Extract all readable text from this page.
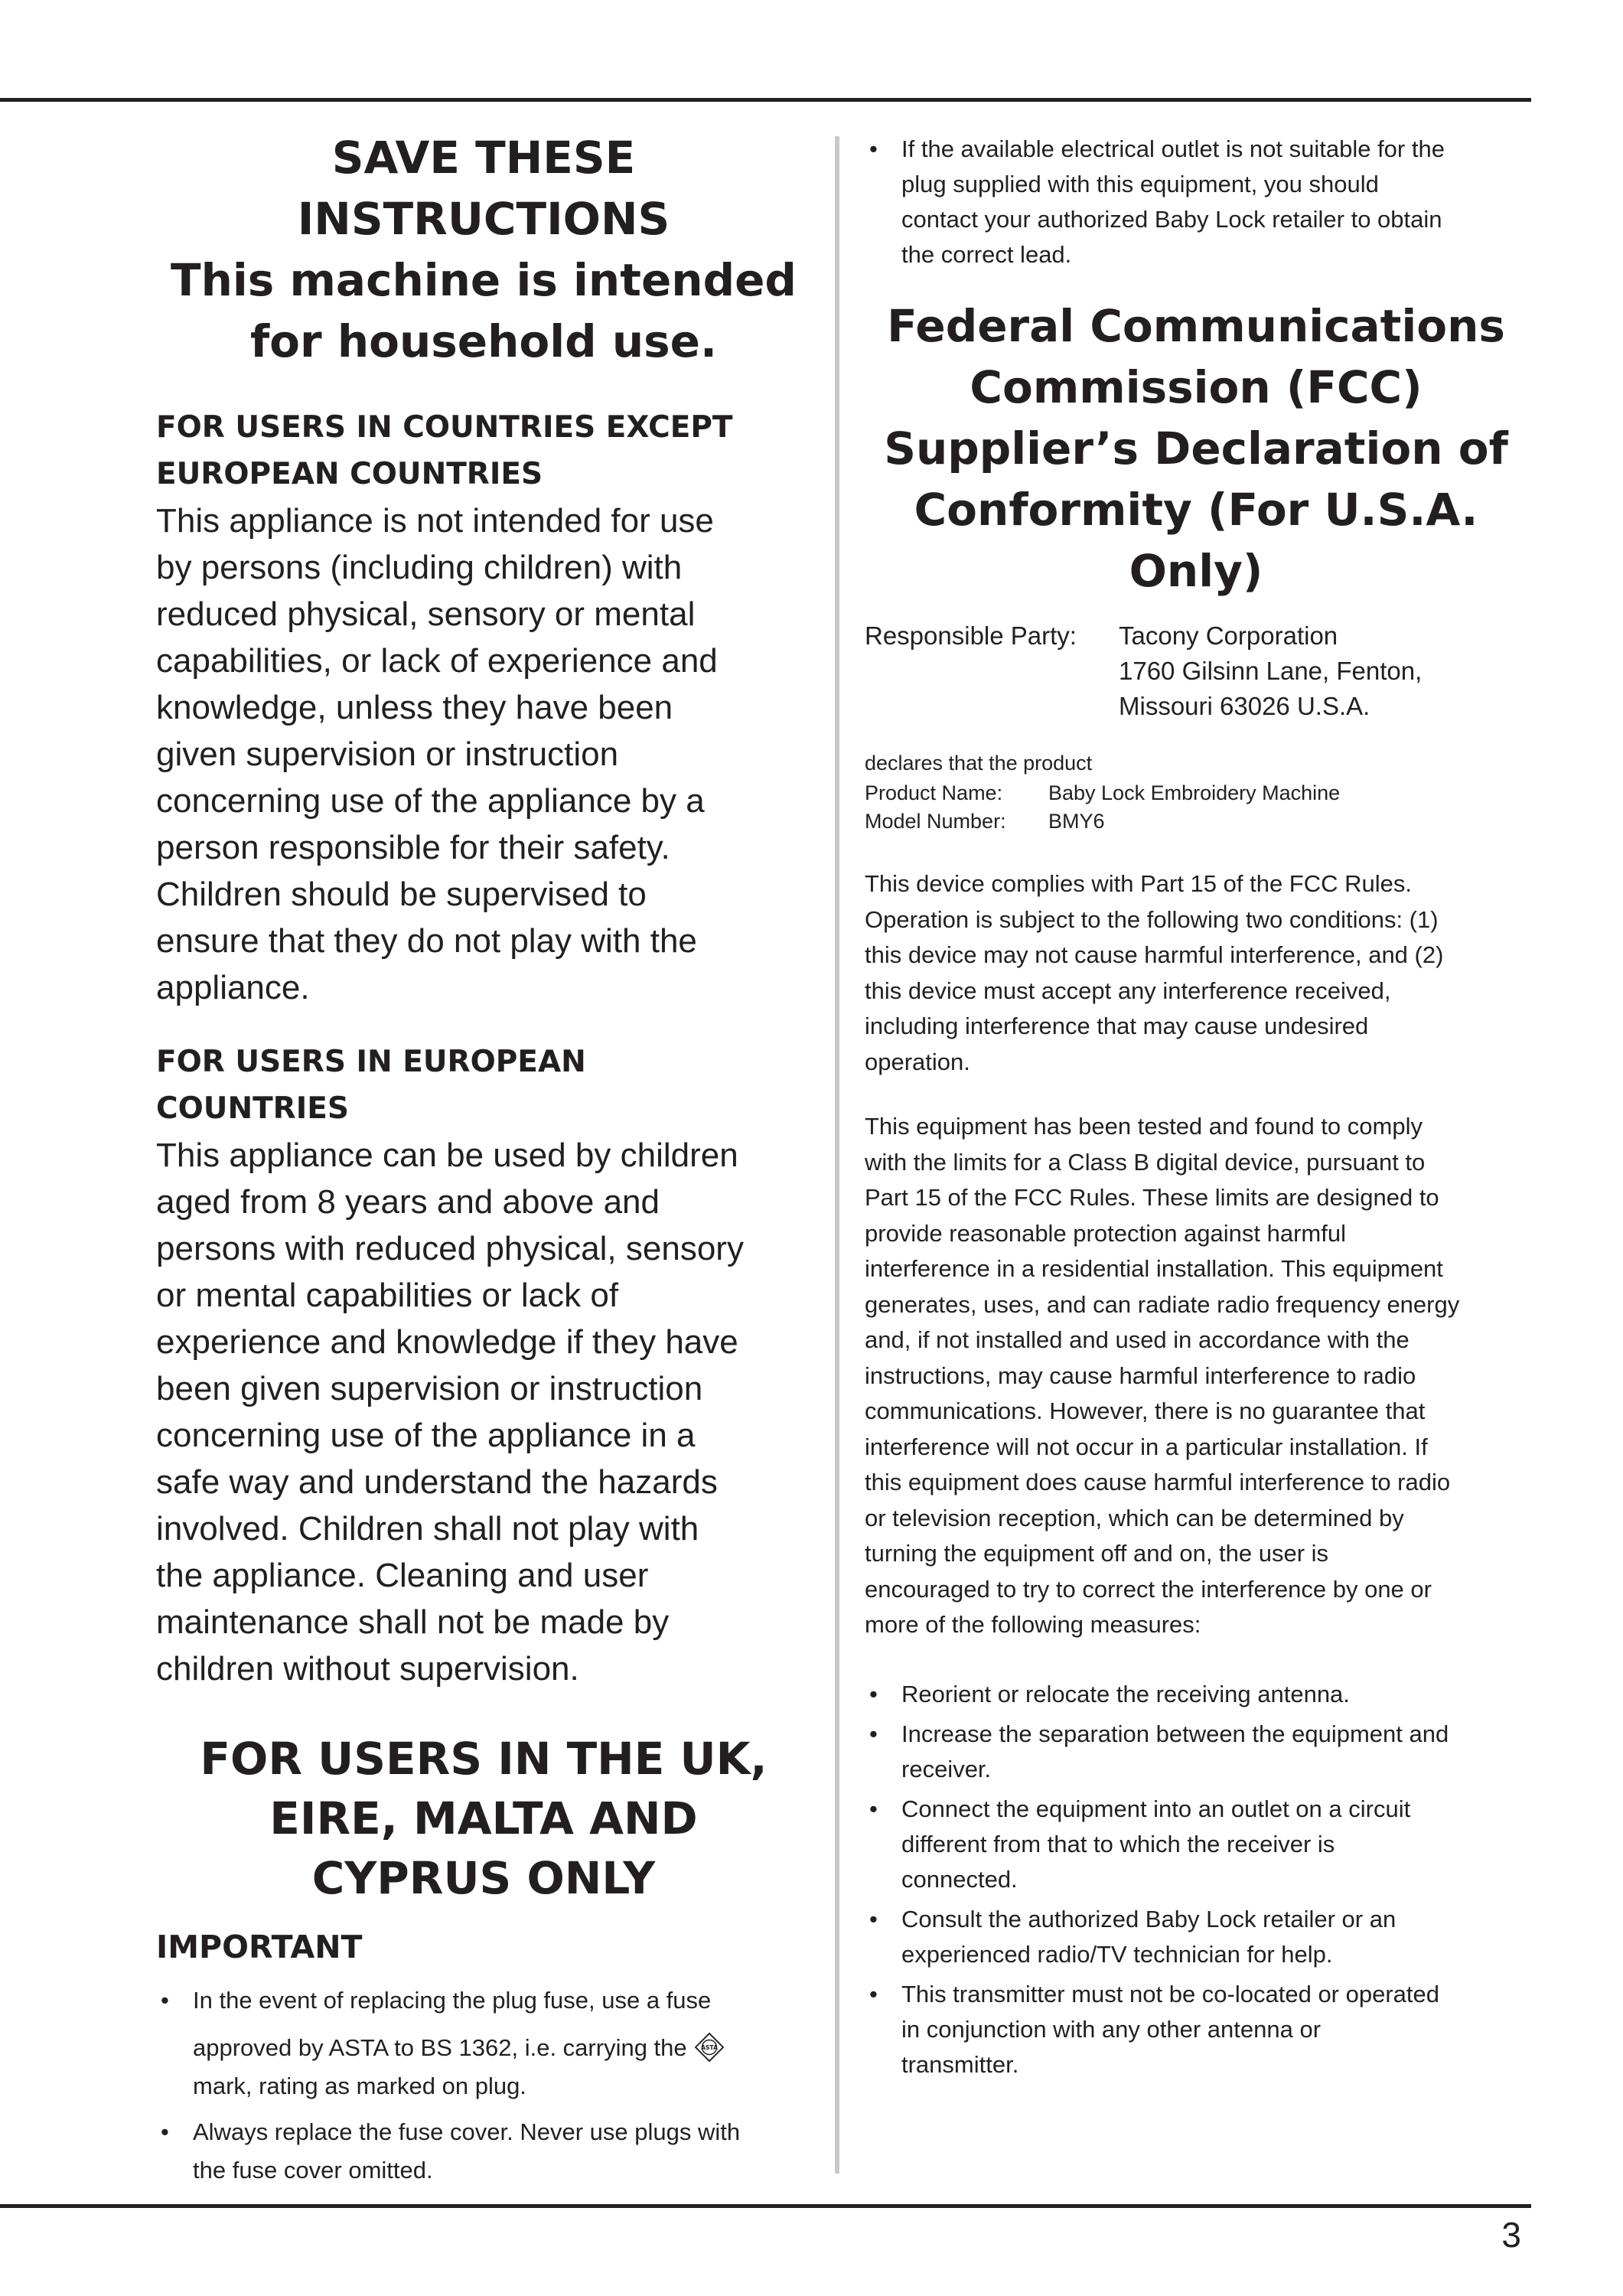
SAVE THESE
INSTRUCTIONS
This machine is intended
for household use.
FOR USERS IN COUNTRIES EXCEPT
EUROPEAN COUNTRIES
This appliance is not intended for use
by persons (including children) with
reduced physical, sensory or mental
capabilities, or lack of experience and
knowledge, unless they have been
given supervision or instruction
concerning use of the appliance by a
person responsible for their safety.
Children should be supervised to
ensure that they do not play with the
appliance.
FOR USERS IN EUROPEAN
COUNTRIES
This appliance can be used by children
aged from 8 years and above and
persons with reduced physical, sensory
or mental capabilities or lack of
experience and knowledge if they have
been given supervision or instruction
concerning use of the appliance in a
safe way and understand the hazards
involved. Children shall not play with
the appliance. Cleaning and user
maintenance shall not be made by
children without supervision.
FOR USERS IN THE UK,
EIRE, MALTA AND
CYPRUS ONLY
IMPORTANT
• In the event of replacing the plug fuse, use a fuse
approved by ASTA to BS 1362, i.e. carrying the ASTA
mark, rating as marked on plug.
• Always replace the fuse cover. Never use plugs with
the fuse cover omitted.
• If the available electrical outlet is not suitable for the
plug supplied with this equipment, you should
contact your authorized Baby Lock retailer to obtain
the correct lead.
Federal Communications
Commission (FCC)
Supplier’s Declaration of
Conformity (For U.S.A.
Only)
Responsible Party:	Tacony Corporation
1760 Gilsinn Lane, Fenton,
Missouri 63026 U.S.A.
declares that the product
Product Name:	Baby Lock Embroidery Machine
Model Number:	BMY6
This device complies with Part 15 of the FCC Rules.
Operation is subject to the following two conditions: (1)
this device may not cause harmful interference, and (2)
this device must accept any interference received,
including interference that may cause undesired
operation.
This equipment has been tested and found to comply
with the limits for a Class B digital device, pursuant to
Part 15 of the FCC Rules. These limits are designed to
provide reasonable protection against harmful
interference in a residential installation. This equipment
generates, uses, and can radiate radio frequency energy
and, if not installed and used in accordance with the
instructions, may cause harmful interference to radio
communications. However, there is no guarantee that
interference will not occur in a particular installation. If
this equipment does cause harmful interference to radio
or television reception, which can be determined by
turning the equipment off and on, the user is
encouraged to try to correct the interference by one or
more of the following measures:
• Reorient or relocate the receiving antenna.
• Increase the separation between the equipment and
receiver.
• Connect the equipment into an outlet on a circuit
different from that to which the receiver is
connected.
• Consult the authorized Baby Lock retailer or an
experienced radio/TV technician for help.
• This transmitter must not be co-located or operated
in conjunction with any other antenna or
transmitter.
3
